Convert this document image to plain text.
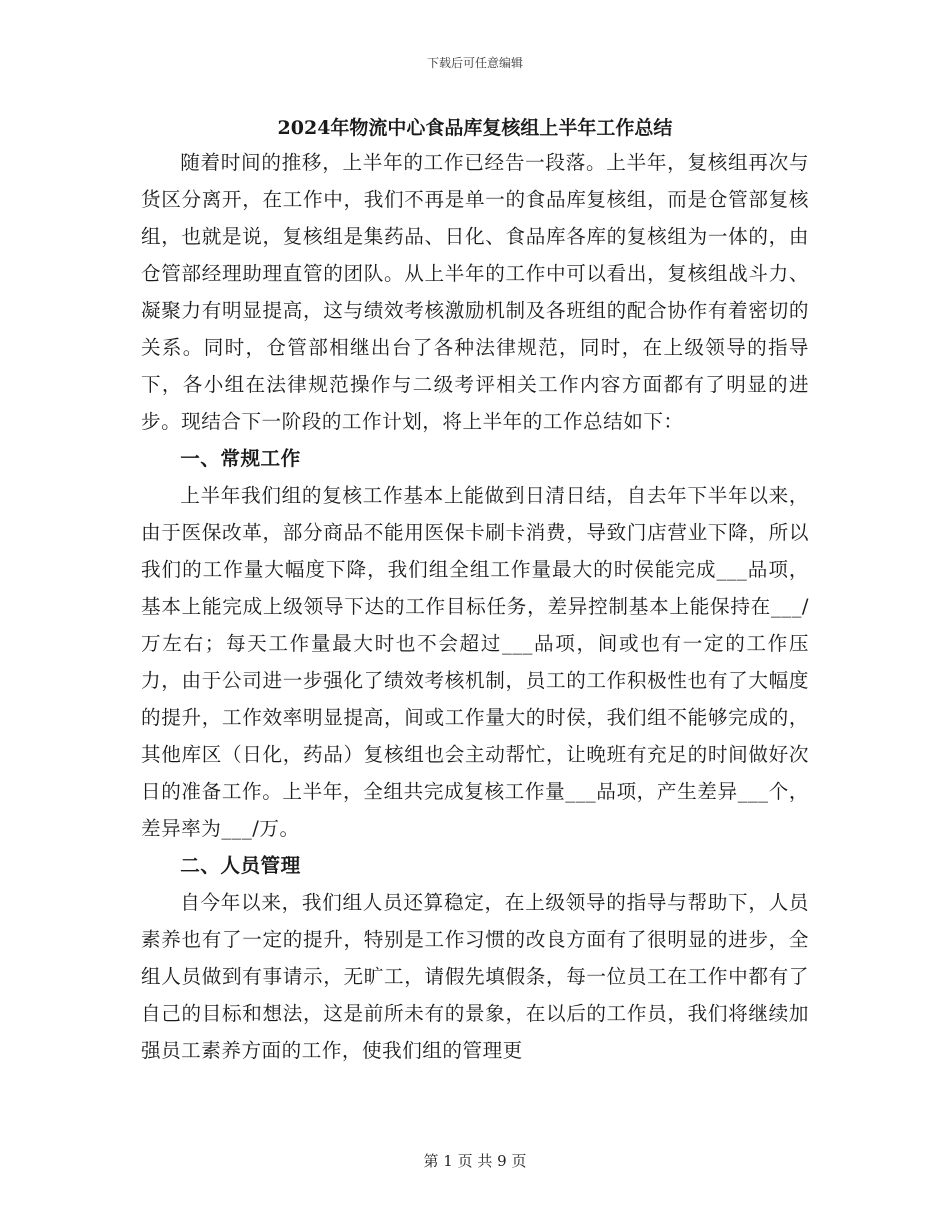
下载后可任意编辑
2024年物流中心食品库复核组上半年工作总结

随着时间的推移，上半年的工作已经告一段落。上半年，复核组再次与货区分离开，在工作中，我们不再是单一的食品库复核组，而是仓管部复核组，也就是说，复核组是集药品、日化、食品库各库的复核组为一体的，由仓管部经理助理直管的团队。从上半年的工作中可以看出，复核组战斗力、凝聚力有明显提高，这与绩效考核激励机制及各班组的配合协作有着密切的关系。同时，仓管部相继出台了各种法律规范，同时，在上级领导的指导下，各小组在法律规范操作与二级考评相关工作内容方面都有了明显的进步。现结合下一阶段的工作计划，将上半年的工作总结如下：

一、常规工作

上半年我们组的复核工作基本上能做到日清日结，自去年下半年以来，由于医保改革，部分商品不能用医保卡刷卡消费，导致门店营业下降，所以我们的工作量大幅度下降，我们组全组工作量最大的时侯能完成___品项，基本上能完成上级领导下达的工作目标任务，差异控制基本上能保持在___/万左右；每天工作量最大时也不会超过___品项，间或也有一定的工作压力，由于公司进一步强化了绩效考核机制，员工的工作积极性也有了大幅度的提升，工作效率明显提高，间或工作量大的时侯，我们组不能够完成的，其他库区（日化，药品）复核组也会主动帮忙，让晚班有充足的时间做好次日的准备工作。上半年，全组共完成复核工作量___品项，产生差异___个，差异率为___/万。

二、人员管理

自今年以来，我们组人员还算稳定，在上级领导的指导与帮助下，人员素养也有了一定的提升，特别是工作习惯的改良方面有了很明显的进步，全组人员做到有事请示，无旷工，请假先填假条，每一位员工在工作中都有了自己的目标和想法，这是前所未有的景象，在以后的工作员，我们将继续加强员工素养方面的工作，使我们组的管理更

第 1 页 共 9 页
